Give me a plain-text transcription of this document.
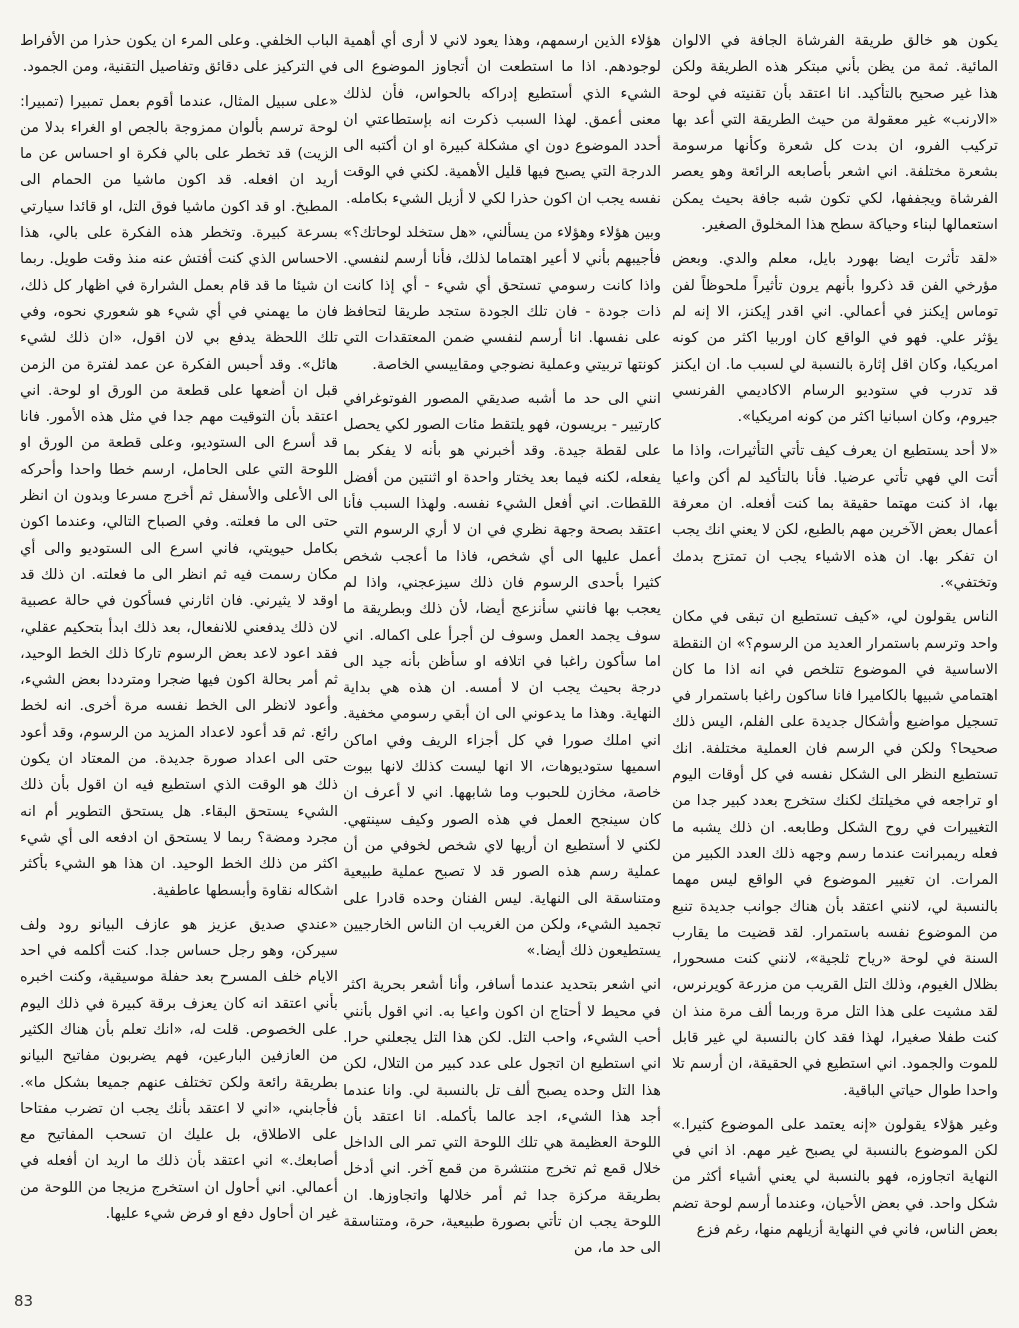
يكون هو خالق طريقة الفرشاة الجافة في الالوان المائية. ثمة من يظن بأني مبتكر هذه الطريقة ولكن هذا غير صحيح بالتأكيد. انا اعتقد بأن تقنيته في لوحة «الارنب» غير معقولة من حيث الطريقة التي أعد بها تركيب الفرو، ان بدت كل شعرة وكأنها مرسومة بشعرة مختلفة. اني اشعر بأصابعه الرائعة وهو يعصر الفرشاة ويجففها، لكي تكون شبه جافة بحيث يمكن استعمالها لبناء وحياكة سطح هذا المخلوق الصغير.

«لقد تأثرت ايضا بهورد بايل، معلم والدي. وبعض مؤرخي الفن قد ذكروا بأنهم يرون تأثيراً ملحوظاً لفن توماس إيكنز في أعمالي. اني اقدر إيكنز، الا إنه لم يؤثر علي. فهو في الواقع كان اوربيا اكثر من كونه امريكيا، وكان اقل إثارة بالنسبة لي لسبب ما. ان ايكنز قد تدرب في ستوديو الرسام الاكاديمي الفرنسي جيروم، وكان اسبانيا اكثر من كونه امريكيا».

«لا أحد يستطيع ان يعرف كيف تأتي التأثيرات، واذا ما أتت الي فهي تأتي عرضيا. فأنا بالتأكيد لم أكن واعيا بها، اذ كنت مهتما حقيقة بما كنت أفعله. ان معرفة أعمال بعض الآخرين مهم بالطبع، لكن لا يعني انك يجب ان تفكر بها. ان هذه الاشياء يجب ان تمتزج بدمك وتختفي».

الناس يقولون لي، «كيف تستطيع ان تبقى في مكان واحد وترسم باستمرار العديد من الرسوم؟» ان النقطة الاساسية في الموضوع تتلخص في انه اذا ما كان اهتمامي شبيها بالكاميرا فانا ساكون راغبا باستمرار في تسجيل مواضيع وأشكال جديدة على الفلم، اليس ذلك صحيحا؟ ولكن في الرسم فان العملية مختلفة. انك تستطيع النظر الى الشكل نفسه في كل أوقات اليوم او تراجعه في مخيلتك لكنك ستخرج بعدد كبير جدا من التغييرات في روح الشكل وطابعه. ان ذلك يشبه ما فعله ريمبرانت عندما رسم وجهه ذلك العدد الكبير من المرات. ان تغيير الموضوع في الواقع ليس مهما بالنسبة لي، لانني اعتقد بأن هناك جوانب جديدة تنبع من الموضوع نفسه باستمرار. لقد قضيت ما يقارب السنة في لوحة «رياح ثلجية»، لانني كنت مسحورا، بظلال الغيوم، وذلك التل القريب من مزرعة كويرنرس، لقد مشيت على هذا التل مرة وربما ألف مرة منذ ان كنت طفلا صغيرا، لهذا فقد كان بالنسبة لي غير قابل للموت والجمود. اني استطيع في الحقيقة، ان أرسم تلا واحدا طوال حياتي الباقية.

وغير هؤلاء يقولون «إنه يعتمد على الموضوع كثيرا.» لكن الموضوع بالنسبة لي يصبح غير مهم. اذ اني في النهاية اتجاوزه، فهو بالنسبة لي يعني أشياء أكثر من شكل واحد. في بعض الأحيان، وعندما أرسم لوحة تضم بعض الناس، فاني في النهاية أزيلهم منها، رغم فزع

هؤلاء الذين ارسمهم، وهذا يعود لاني لا أرى أي أهمية لوجودهم. اذا ما استطعت ان أتجاوز الموضوع الى الشيء الذي أستطيع إدراكه بالحواس، فأن لذلك معنى أعمق. لهذا السبب ذكرت انه بإستطاعتي ان أحدد الموضوع دون اي مشكلة كبيرة او ان أكتبه الى الدرجة التي يصبح فيها قليل الأهمية. لكني في الوقت نفسه يجب ان اكون حذرا لكي لا أزيل الشيء بكامله.

وبين هؤلاء وهؤلاء من يسألني، «هل ستخلد لوحاتك؟» فأجيبهم بأني لا أعير اهتماما لذلك، فأنا أرسم لنفسي. واذا كانت رسومي تستحق أي شيء - أي إذا كانت ذات جودة - فان تلك الجودة ستجد طريقا لتحافظ على نفسها. انا أرسم لنفسي ضمن المعتقدات التي كونتها تربيتي وعملية نضوجي ومقاييسي الخاصة.

انني الى حد ما أشبه صديقي المصور الفوتوغرافي كارتيير - بريسون، فهو يلتقط مئات الصور لكي يحصل على لقطة جيدة. وقد أخبرني هو بأنه لا يفكر بما يفعله، لكنه فيما بعد يختار واحدة او اثنتين من أفضل اللقطات. اني أفعل الشيء نفسه. ولهذا السبب فأنا اعتقد بصحة وجهة نظري في ان لا أري الرسوم التي أعمل عليها الى أي شخص، فاذا ما أعجب شخص كثيرا بأحدى الرسوم فان ذلك سيزعجني، واذا لم يعجب بها فانني سأنزعج أيضا، لأن ذلك وبطريقة ما سوف يجمد العمل وسوف لن أجرأ على اكماله. اني اما سأكون راغبا في اتلافه او سأظن بأنه جيد الى درجة بحيث يجب ان لا أمسه. ان هذه هي بداية النهاية. وهذا ما يدعوني الى ان أبقي رسومي مخفية. اني املك صورا في كل أجزاء الريف وفي اماكن اسميها ستوديوهات، الا انها ليست كذلك لانها بيوت خاصة، مخازن للحبوب وما شابهها. اني لا أعرف ان كان سينجح العمل في هذه الصور وكيف سينتهي. لكني لا أستطيع ان أريها لاي شخص لخوفي من أن عملية رسم هذه الصور قد لا تصبح عملية طبيعية ومتناسقة الى النهاية. ليس الفنان وحده قادرا على تجميد الشيء، ولكن من الغريب ان الناس الخارجيين يستطيعون ذلك أيضا.»

اني اشعر بتحديد عندما أسافر، وأنا أشعر بحرية اكثر في محيط لا أحتاج ان اكون واعيا به. اني اقول بأنني أحب الشيء، واحب التل. لكن هذا التل يجعلني حرا. اني استطيع ان اتجول على عدد كبير من التلال، لكن هذا التل وحده يصبح ألف تل بالنسبة لي. وانا عندما أجد هذا الشيء، اجد عالما بأكمله. انا اعتقد بأن اللوحة العظيمة هي تلك اللوحة التي تمر الى الداخل خلال قمع ثم تخرج منتشرة من قمع آخر. اني أدخل بطريقة مركزة جدا ثم أمر خلالها واتجاوزها. ان اللوحة يجب ان تأتي بصورة طبيعية، حرة، ومتناسقة الى حد ما، من

الباب الخلفي. وعلى المرء ان يكون حذرا من الأفراط في التركيز على دقائق وتفاصيل التقنية، ومن الجمود.

«على سبيل المثال، عندما أقوم بعمل تمبيرا (تمبيرا: لوحة ترسم بألوان ممزوجة بالجص او الغراء بدلا من الزيت) قد تخطر على بالي فكرة او احساس عن ما أريد ان افعله. قد اكون ماشيا من الحمام الى المطبخ. او قد اكون ماشيا فوق التل، او قائدا سيارتي بسرعة كبيرة. وتخطر هذه الفكرة على بالي، هذا الاحساس الذي كنت أفتش عنه منذ وقت طويل. ربما ان شيئا ما قد قام بعمل الشرارة في اظهار كل ذلك، فان ما يهمني في أي شيء هو شعوري نحوه، وفي تلك اللحظة يدفع بي لان اقول، «ان ذلك لشيء هائل». وقد أحبس الفكرة عن عمد لفترة من الزمن قبل ان أضعها على قطعة من الورق او لوحة. اني اعتقد بأن التوقيت مهم جدا في مثل هذه الأمور. فانا قد أسرع الى الستوديو، وعلى قطعة من الورق او اللوحة التي على الحامل، ارسم خطا واحدا وأحركه الى الأعلى والأسفل ثم أخرج مسرعا وبدون ان انظر حتى الى ما فعلته. وفي الصباح التالي، وعندما اكون بكامل حيويتي، فاني اسرع الى الستوديو والى أي مكان رسمت فيه ثم انظر الى ما فعلته. ان ذلك قد اوقد لا يثيرني. فان اثارني فسأكون في حالة عصبية لان ذلك يدفعني للانفعال، بعد ذلك ابدأ بتحكيم عقلي، فقد اعود لاعد بعض الرسوم تاركا ذلك الخط الوحيد، ثم أمر بحالة اكون فيها ضجرا ومترددا بعض الشيء، وأعود لانظر الى الخط نفسه مرة أخرى. انه لخط رائع. ثم قد أعود لاعداد المزيد من الرسوم، وقد أعود حتى الى اعداد صورة جديدة. من المعتاد ان يكون ذلك هو الوقت الذي استطيع فيه ان اقول بأن ذلك الشيء يستحق البقاء. هل يستحق التطوير أم انه مجرد ومضة؟ ربما لا يستحق ان ادفعه الى أي شيء اكثر من ذلك الخط الوحيد. ان هذا هو الشيء بأكثر اشكاله نقاوة وأبسطها عاطفية.

«عندي صديق عزيز هو عازف البيانو رود ولف سيركن، وهو رجل حساس جدا. كنت أكلمه في احد الايام خلف المسرح بعد حفلة موسيقية، وكنت اخبره بأني اعتقد انه كان يعزف برقة كبيرة في ذلك اليوم على الخصوص. قلت له، «انك تعلم بأن هناك الكثير من العازفين البارعين، فهم يضربون مفاتيح البيانو بطريقة رائعة ولكن تختلف عنهم جميعا بشكل ما». فأجابني، «اني لا اعتقد بأنك يجب ان تضرب مفتاحا على الاطلاق، بل عليك ان تسحب المفاتيح مع أصابعك.» اني اعتقد بأن ذلك ما اريد ان أفعله في أعمالي. اني أحاول ان استخرج مزيجا من اللوحة من غير ان أحاول دفع او فرض شيء عليها.

83
